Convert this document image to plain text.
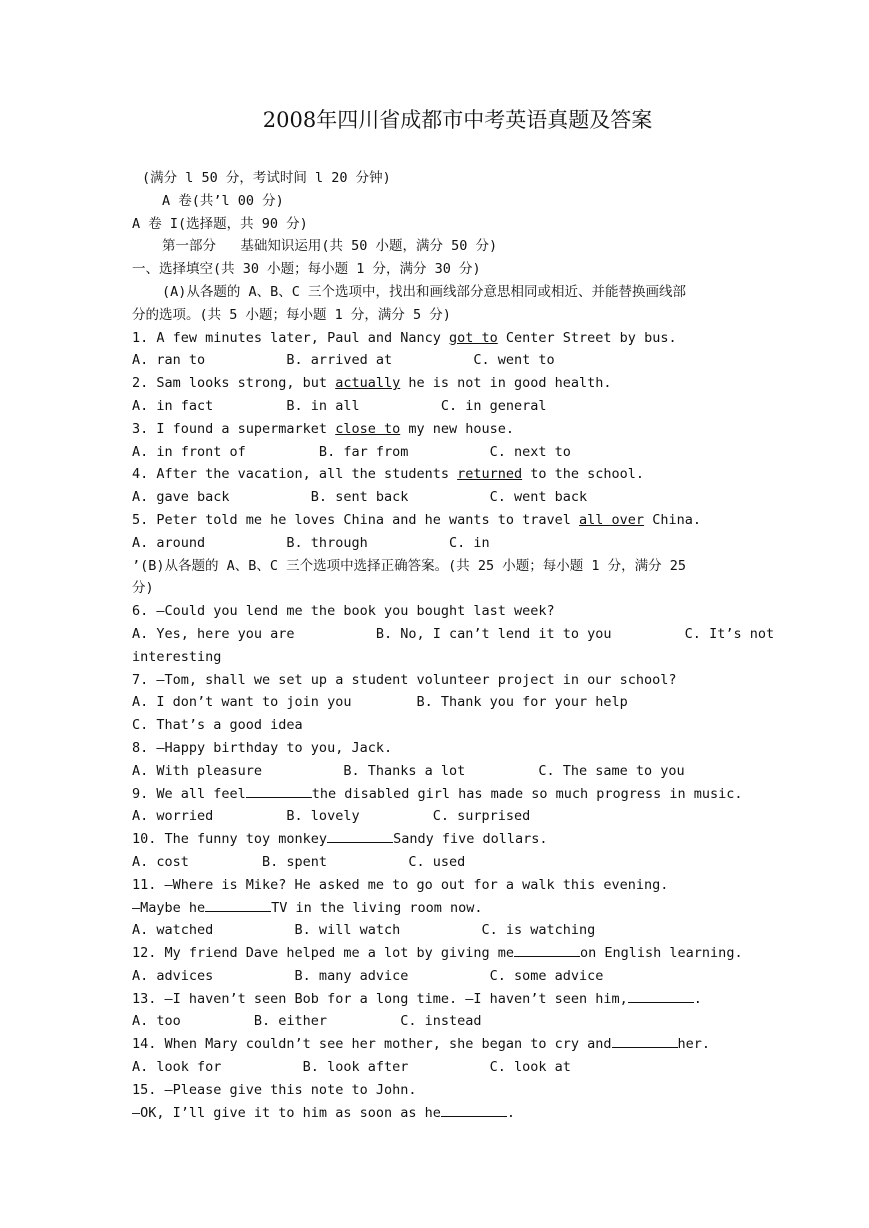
2008年四川省成都市中考英语真题及答案
(满分 l 50 分，考试时间 l 20 分钟)
A 卷(共’l 00 分)
A 卷 I(选择题，共 90 分)
第一部分   基础知识运用(共 50 小题，满分 50 分)
一、选择填空(共 30 小题；每小题 1 分，满分 30 分)
(A)从各题的 A、B、C 三个选项中，找出和画线部分意思相同或相近、并能替换画线部
分的选项。(共 5 小题；每小题 1 分，满分 5 分)
1. A few minutes later, Paul and Nancy got to Center Street by bus.
A. ran to          B. arrived at          C. went to
2. Sam looks strong, but actually he is not in good health.
A. in fact         B. in all          C. in general
3. I found a supermarket close to my new house.
A. in front of         B. far from          C. next to
4. After the vacation, all the students returned to the school.
A. gave back          B. sent back          C. went back
5. Peter told me he loves China and he wants to travel all over China.
A. around          B. through          C. in
’(B)从各题的 A、B、C 三个选项中选择正确答案。(共 25 小题；每小题 1 分，满分 25
分)
6. —Could you lend me the book you bought last week?
A. Yes, here you are          B. No, I can’t lend it to you         C. It’s not
interesting
7. —Tom, shall we set up a student volunteer project in our school?
A. I don’t want to join you        B. Thank you for your help
C. That’s a good idea
8. —Happy birthday to you, Jack.
A. With pleasure          B. Thanks a lot         C. The same to you
9. We all feel	the disabled girl has made so much progress in music.
A. worried         B. lovely         C. surprised
10. The funny toy monkey	Sandy five dollars.
A. cost         B. spent          C. used
11. —Where is Mike? He asked me to go out for a walk this evening.
—Maybe he	TV in the living room now.
A. watched          B. will watch          C. is watching
12. My friend Dave helped me a lot by giving me	on English learning.
A. advices          B. many advice          C. some advice
13. —I haven’t seen Bob for a long time. —I haven’t seen him,	.
A. too         B. either         C. instead
14. When Mary couldn’t see her mother, she began to cry and	her.
A. look for          B. look after          C. look at
15. —Please give this note to John.
—OK, I’ll give it to him as soon as he	.
